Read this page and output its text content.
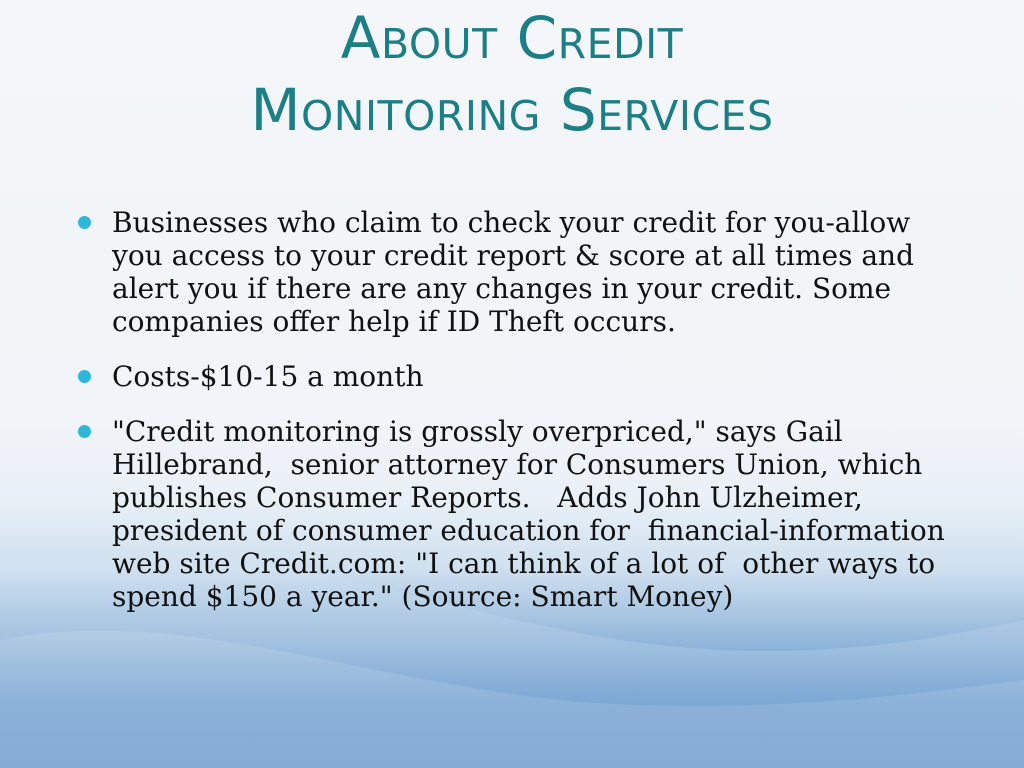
About Credit
Monitoring Services
Businesses who claim to check your credit for you-allow you access to your credit report & score at all times and alert you if there are any changes in your credit. Some companies offer help if ID Theft occurs.
Costs-$10-15 a month
"Credit monitoring is grossly overpriced," says Gail Hillebrand,  senior attorney for Consumers Union, which publishes Consumer Reports.   Adds John Ulzheimer, president of consumer education for  financial-information web site Credit.com: "I can think of a lot of  other ways to spend $150 a year." (Source: Smart Money)
